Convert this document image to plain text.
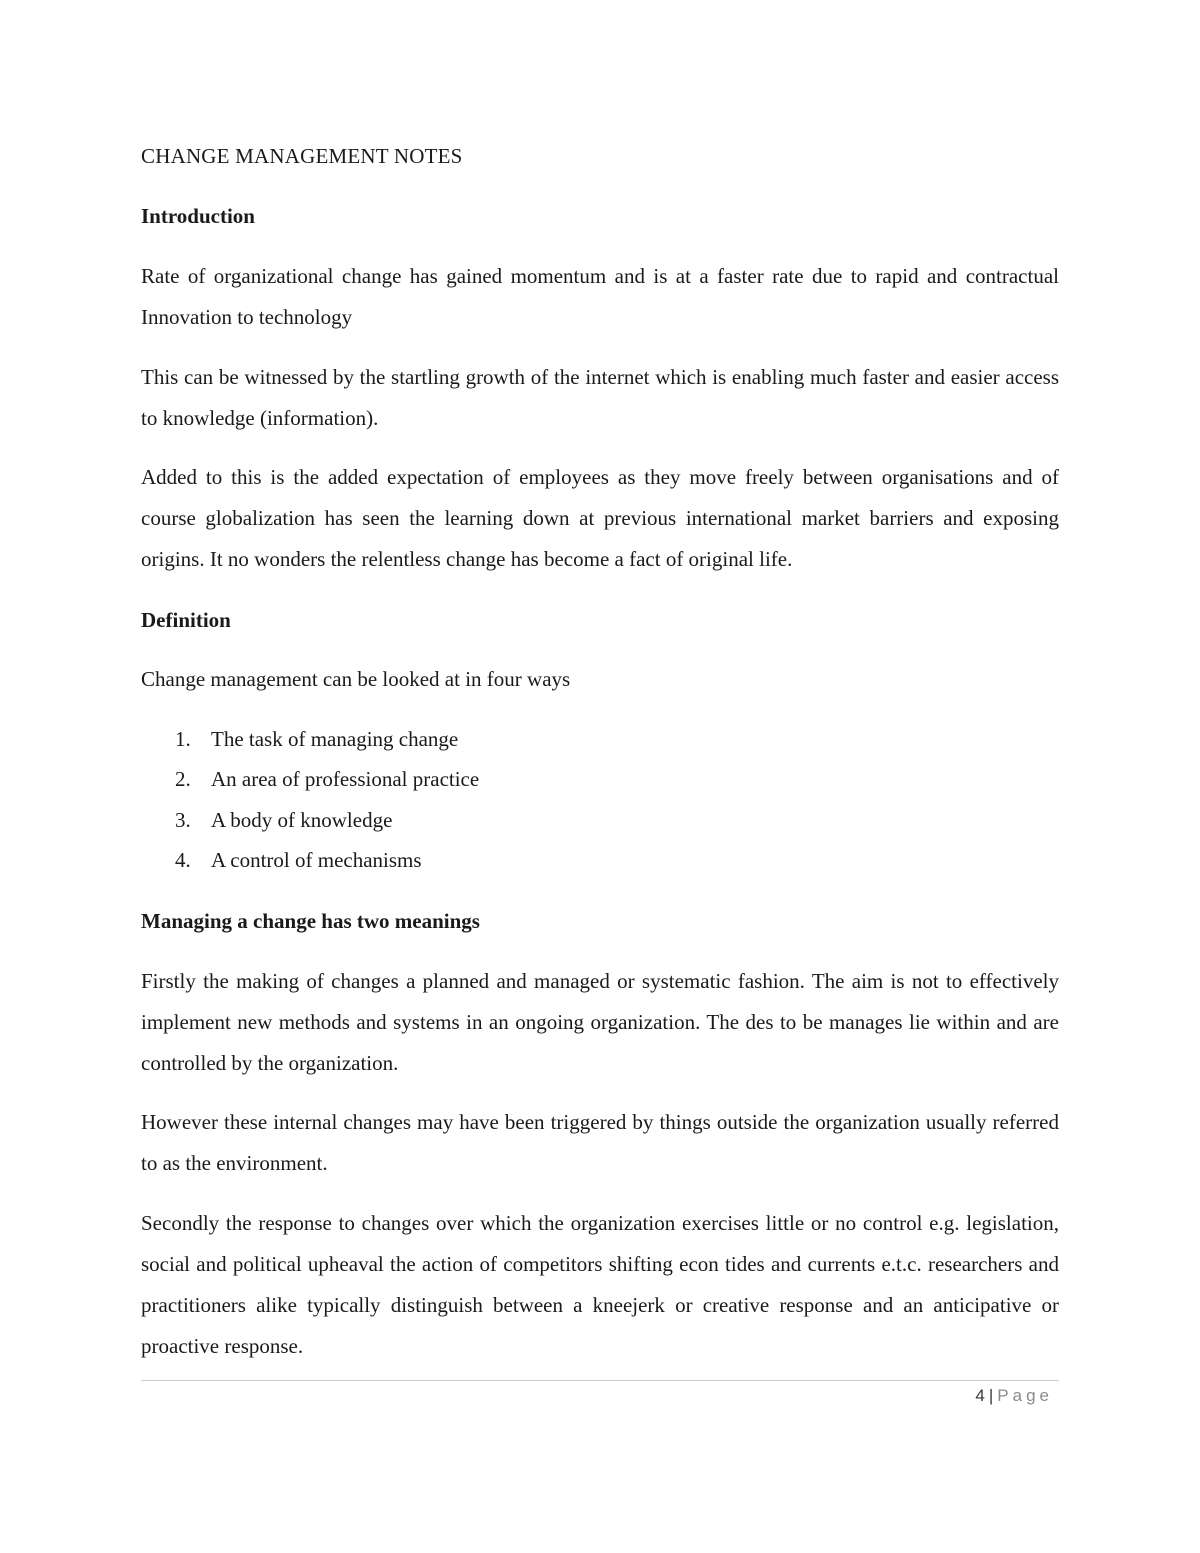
CHANGE MANAGEMENT NOTES
Introduction

Rate of organizational change has gained momentum and is at a faster rate due to rapid and contractual Innovation to technology

This can be witnessed by the startling growth of the internet which is enabling much faster and easier access to knowledge (information).

Added to this is the added expectation of employees as they move freely between organisations and of course globalization has seen the learning down at previous international market barriers and exposing origins. It no wonders the relentless change has become a fact of original life.

Definition

Change management can be looked at in four ways

1. The task of managing change
2. An area of professional practice
3. A body of knowledge
4. A control of mechanisms
Managing a change has two meanings

Firstly the making of changes a planned and managed or systematic fashion. The aim is not to effectively implement new methods and systems in an ongoing organization. The des to be manages lie within and are controlled by the organization.

However these internal changes may have been triggered by things outside the organization usually referred to as the environment.

Secondly the response to changes over which the organization exercises little or no control e.g. legislation, social and political upheaval the action of competitors shifting econ tides and currents e.t.c. researchers and practitioners alike typically distinguish between a kneejerk or creative response and an anticipative or proactive response.

4 | Page
